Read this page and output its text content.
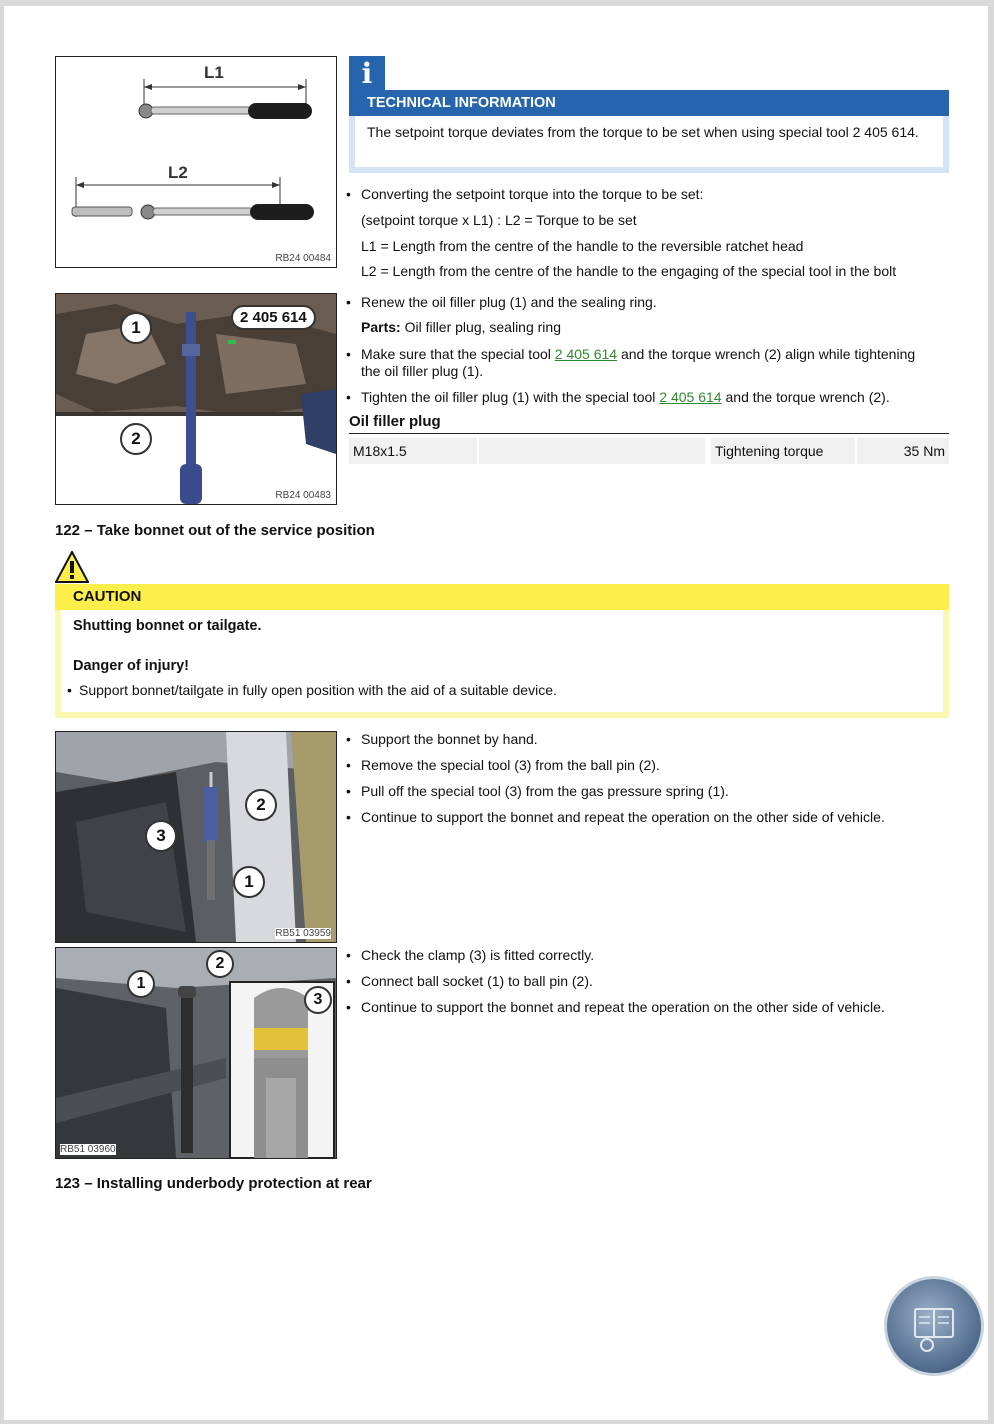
L1
L2
RB24 00484
i
TECHNICAL INFORMATION
The setpoint torque deviates from the torque to be set when using special tool 2 405 614.
• Converting the setpoint torque into the torque to be set:
(setpoint torque x L1) : L2 = Torque to be set
L1 = Length from the centre of the handle to the reversible ratchet head
L2 = Length from the centre of the handle to the engaging of the special tool in the bolt
1
2
2 405 614
RB24 00483
• Renew the oil filler plug (1) and the sealing ring.
Parts: Oil filler plug, sealing ring
• Make sure that the special tool 2 405 614 and the torque wrench (2) align while tightening
the oil filler plug (1).
• Tighten the oil filler plug (1) with the special tool 2 405 614 and the torque wrench (2).
Oil filler plug
M18x1.5	Tightening torque	35 Nm
122 – Take bonnet out of the service position
CAUTION
Shutting bonnet or tailgate.
Danger of injury!
• Support bonnet/tailgate in fully open position with the aid of a suitable device.
2
3
1
RB51 03959
• Support the bonnet by hand.
• Remove the special tool (3) from the ball pin (2).
• Pull off the special tool (3) from the gas pressure spring (1).
• Continue to support the bonnet and repeat the operation on the other side of vehicle.
2
1
3
RB51 03960
• Check the clamp (3) is fitted correctly.
• Connect ball socket (1) to ball pin (2).
• Continue to support the bonnet and repeat the operation on the other side of vehicle.
123 – Installing underbody protection at rear
